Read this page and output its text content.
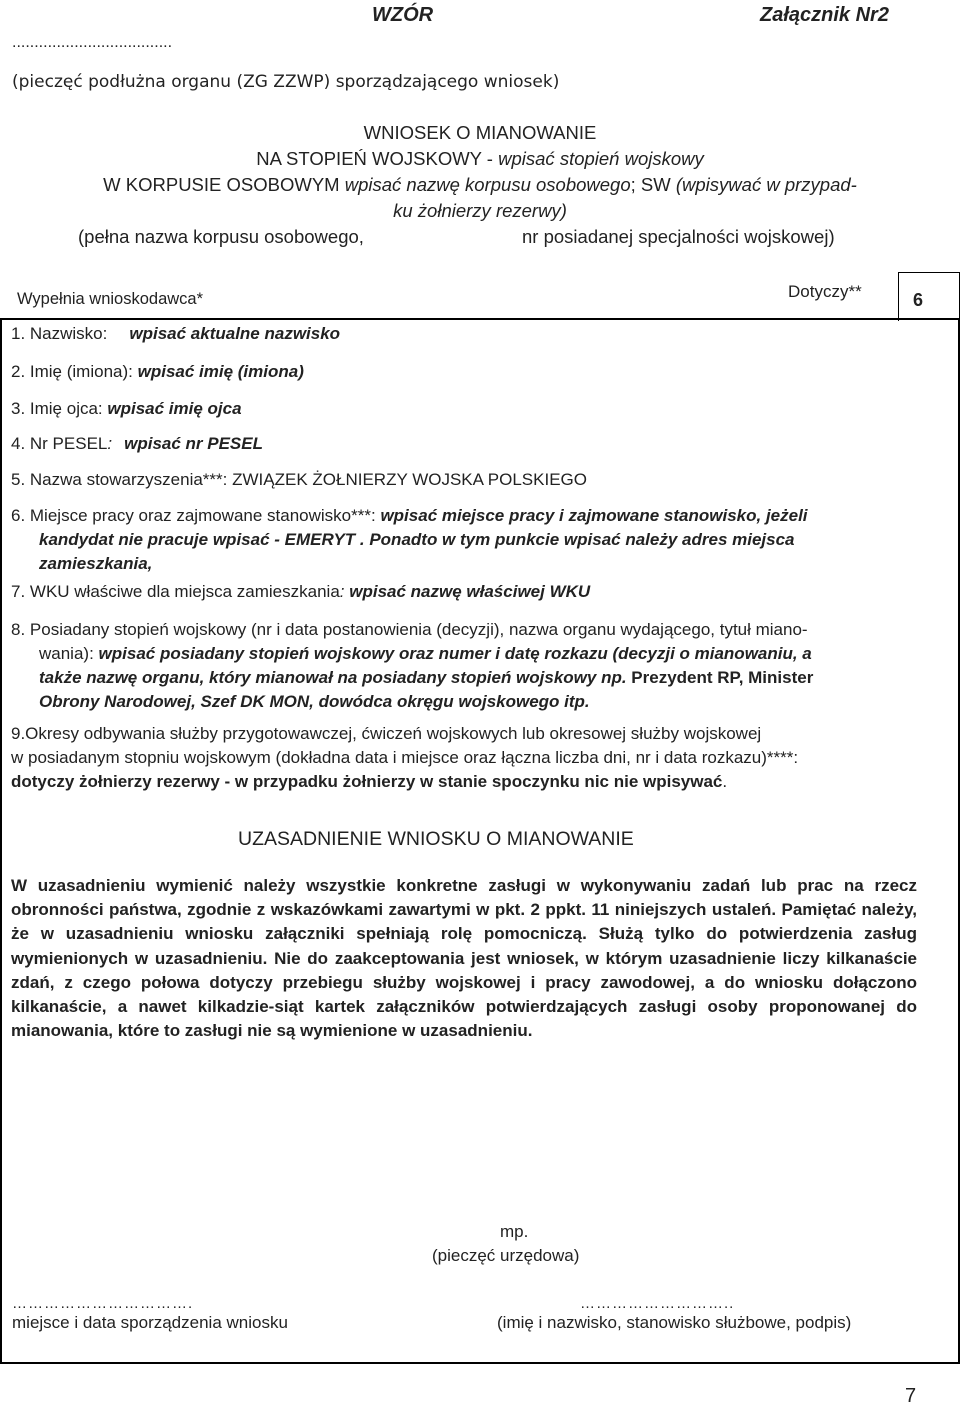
WZÓR	Załącznik Nr2
....................................
(pieczęć podłużna organu (ZG ZZWP) sporządzającego wniosek)
WNIOSEK O MIANOWANIE
NA STOPIEŃ WOJSKOWY - wpisać stopień wojskowy
W KORPUSIE OSOBOWYM wpisać nazwę korpusu osobowego; SW (wpisywać w przypad-
ku żołnierzy rezerwy)
(pełna nazwa korpusu osobowego,	nr posiadanej specjalności wojskowej)
Wypełnia wnioskodawca*	Dotyczy**	6
1. Nazwisko: wpisać aktualne nazwisko
2. Imię (imiona): wpisać imię (imiona)
3. Imię ojca: wpisać imię ojca
4. Nr PESEL: wpisać nr PESEL
5. Nazwa stowarzyszenia***: ZWIĄZEK ŻOŁNIERZY WOJSKA POLSKIEGO
6. Miejsce pracy oraz zajmowane stanowisko***: wpisać miejsce pracy i zajmowane stanowisko, jeżeli
kandydat nie pracuje wpisać - EMERYT . Ponadto w tym punkcie wpisać należy adres miejsca
zamieszkania,
7. WKU właściwe dla miejsca zamieszkania: wpisać nazwę właściwej WKU
8. Posiadany stopień wojskowy (nr i data postanowienia (decyzji), nazwa organu wydającego, tytuł miano-
wania): wpisać posiadany stopień wojskowy oraz numer i datę rozkazu (decyzji o mianowaniu, a
także nazwę organu, który mianował na posiadany stopień wojskowy np. Prezydent RP, Minister
Obrony Narodowej, Szef DK MON, dowódca okręgu wojskowego itp.
9.Okresy odbywania służby przygotowawczej, ćwiczeń wojskowych lub okresowej służby wojskowej
w posiadanym stopniu wojskowym (dokładna data i miejsce oraz łączna liczba dni, nr i data rozkazu)****:
dotyczy żołnierzy rezerwy - w przypadku żołnierzy w stanie spoczynku nic nie wpisywać.
UZASADNIENIE WNIOSKU O MIANOWANIE
W uzasadnieniu wymienić należy wszystkie konkretne zasługi w wykonywaniu zadań lub prac na rzecz obronności państwa, zgodnie z wskazówkami zawartymi w pkt. 2 ppkt. 11 niniejszych ustaleń. Pamiętać należy, że w uzasadnieniu wniosku załączniki spełniają rolę pomocniczą. Służą tylko do potwierdzenia zasług wymienionych w uzasadnieniu. Nie do zaakceptowania jest wniosek, w którym uzasadnienie liczy kilkanaście zdań, z czego połowa dotyczy przebiegu służby wojskowej i pracy zawodowej, a do wniosku dołączono kilkanaście, a nawet kilkadzie-siąt kartek załączników potwierdzających zasługi osoby proponowanej do mianowania, które to zasługi nie są wymienione w uzasadnieniu.
mp.
(pieczęć urzędowa)
…………………………….	………………………..
miejsce i data sporządzenia wniosku	(imię i nazwisko, stanowisko służbowe, podpis)
7
